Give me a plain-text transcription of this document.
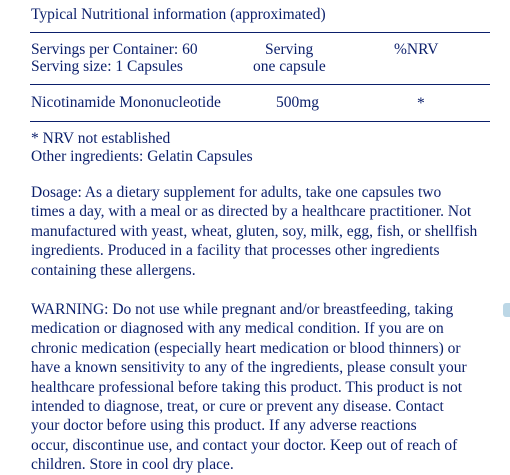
Typical Nutritional information (approximated)
Servings per Container: 60
Serving size: 1 Capsules
Serving
one capsule
%NRV
Nicotinamide Mononucleotide	500mg	*
* NRV not established
Other ingredients: Gelatin Capsules

Dosage: As a dietary supplement for adults, take one capsules two

times a day, with a meal or as directed by a healthcare practitioner. Not

manufactured with yeast, wheat, gluten, soy, milk, egg, fish, or shellfish

ingredients. Produced in a facility that processes other ingredients

containing these allergens.

WARNING: Do not use while pregnant and/or breastfeeding, taking

medication or diagnosed with any medical condition. If you are on

chronic medication (especially heart medication or blood thinners) or

have a known sensitivity to any of the ingredients, please consult your

healthcare professional before taking this product. This product is not

intended to diagnose, treat, or cure or prevent any disease. Contact

your doctor before using this product. If any adverse reactions

occur, discontinue use, and contact your doctor. Keep out of reach of

children. Store in cool dry place.
